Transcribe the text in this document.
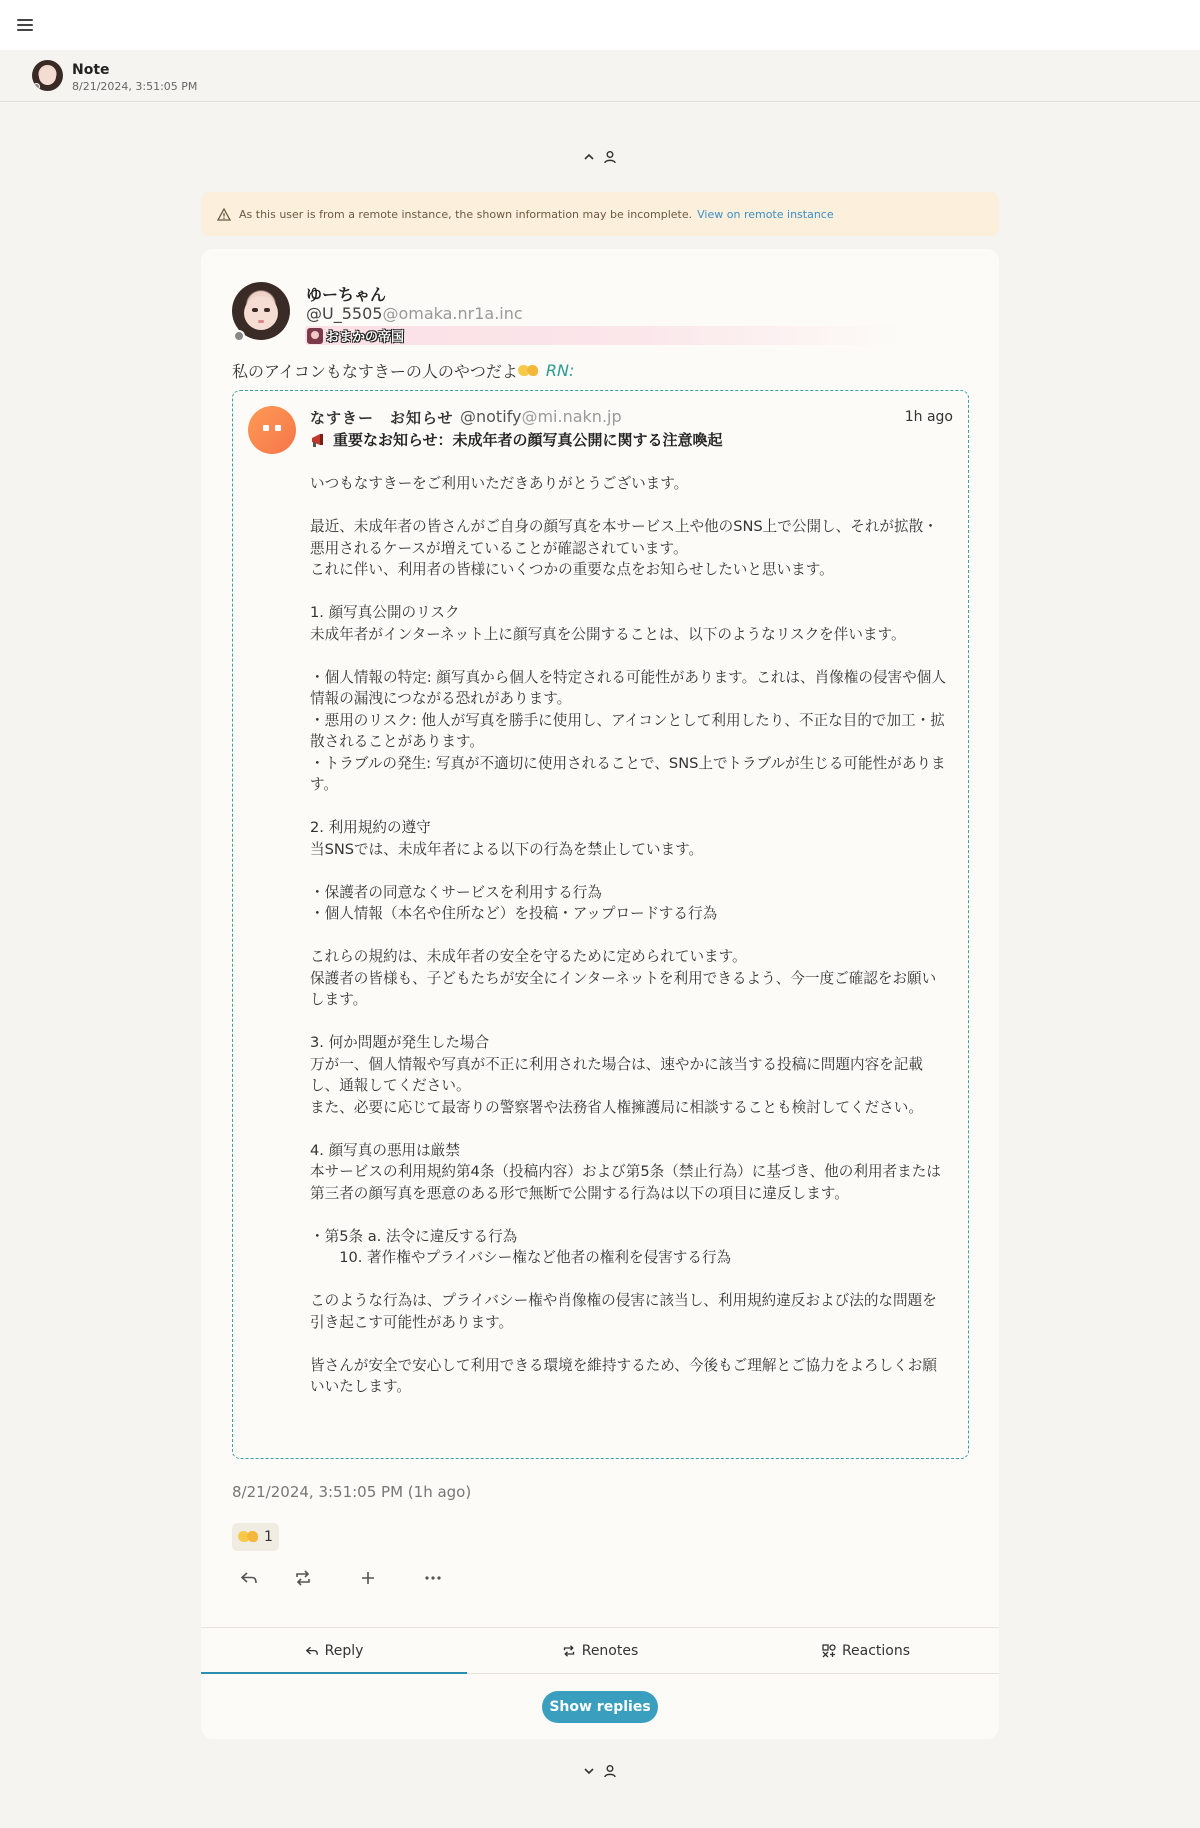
Note
8/21/2024, 3:51:05 PM
As this user is from a remote instance, the shown information may be incomplete. View on remote instance
ゆーちゃん
@U_5505@omaka.nr1a.inc
おまかの帝国
私のアイコンもなすきーの人のやつだよ RN:
なすきー　お知らせ @notify@mi.nakn.jp	1h ago
重要なお知らせ：未成年者の顔写真公開に関する注意喚起
いつもなすきーをご利用いただきありがとうございます。

最近、未成年者の皆さんがご自身の顔写真を本サービス上や他のSNS上で公開し、それが拡散・悪用されるケースが増えていることが確認されています。
これに伴い、利用者の皆様にいくつかの重要な点をお知らせしたいと思います。

1. 顔写真公開のリスク
未成年者がインターネット上に顔写真を公開することは、以下のようなリスクを伴います。

・個人情報の特定: 顔写真から個人を特定される可能性があります。これは、肖像権の侵害や個人情報の漏洩につながる恐れがあります。
・悪用のリスク: 他人が写真を勝手に使用し、アイコンとして利用したり、不正な目的で加工・拡散されることがあります。
・トラブルの発生: 写真が不適切に使用されることで、SNS上でトラブルが生じる可能性があります。

2. 利用規約の遵守
当SNSでは、未成年者による以下の行為を禁止しています。

・保護者の同意なくサービスを利用する行為
・個人情報（本名や住所など）を投稿・アップロードする行為

これらの規約は、未成年者の安全を守るために定められています。
保護者の皆様も、子どもたちが安全にインターネットを利用できるよう、今一度ご確認をお願いします。

3. 何か問題が発生した場合
万が一、個人情報や写真が不正に利用された場合は、速やかに該当する投稿に問題内容を記載し、通報してください。
また、必要に応じて最寄りの警察署や法務省人権擁護局に相談することも検討してください。

4. 顔写真の悪用は厳禁
本サービスの利用規約第4条（投稿内容）および第5条（禁止行為）に基づき、他の利用者または第三者の顔写真を悪意のある形で無断で公開する行為は以下の項目に違反します。

・第5条 a. 法令に違反する行為
　　10. 著作権やプライバシー権など他者の権利を侵害する行為

このような行為は、プライバシー権や肖像権の侵害に該当し、利用規約違反および法的な問題を引き起こす可能性があります。

皆さんが安全で安心して利用できる環境を維持するため、今後もご理解とご協力をよろしくお願いいたします。
8/21/2024, 3:51:05 PM (1h ago)
1
Reply	Renotes	Reactions
Show replies
